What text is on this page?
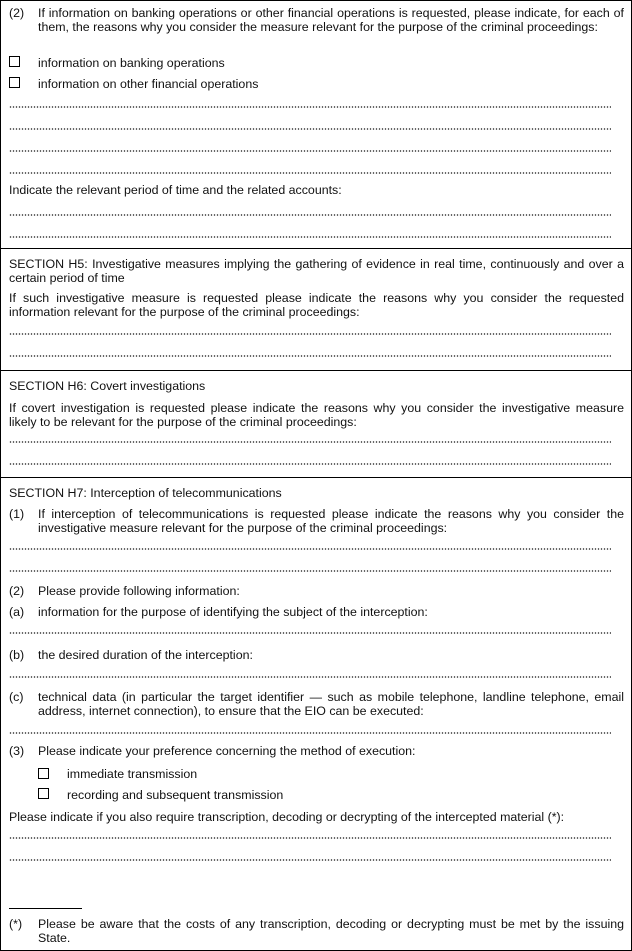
(2) If information on banking operations or other financial operations is requested, please indicate, for each of them, the reasons why you consider the measure relevant for the purpose of the criminal proceedings:
information on banking operations
information on other financial operations
Indicate the relevant period of time and the related accounts:
SECTION H5: Investigative measures implying the gathering of evidence in real time, continuously and over a certain period of time
If such investigative measure is requested please indicate the reasons why you consider the requested information relevant for the purpose of the criminal proceedings:
SECTION H6: Covert investigations
If covert investigation is requested please indicate the reasons why you consider the investigative measure likely to be relevant for the purpose of the criminal proceedings:
SECTION H7: Interception of telecommunications
(1) If interception of telecommunications is requested please indicate the reasons why you consider the investigative measure relevant for the purpose of the criminal proceedings:
(2) Please provide following information:
(a) information for the purpose of identifying the subject of the interception:
(b) the desired duration of the interception:
(c) technical data (in particular the target identifier — such as mobile telephone, landline telephone, email address, internet connection), to ensure that the EIO can be executed:
(3) Please indicate your preference concerning the method of execution:
immediate transmission
recording and subsequent transmission
Please indicate if you also require transcription, decoding or decrypting of the intercepted material (*):
(*) Please be aware that the costs of any transcription, decoding or decrypting must be met by the issuing State.
